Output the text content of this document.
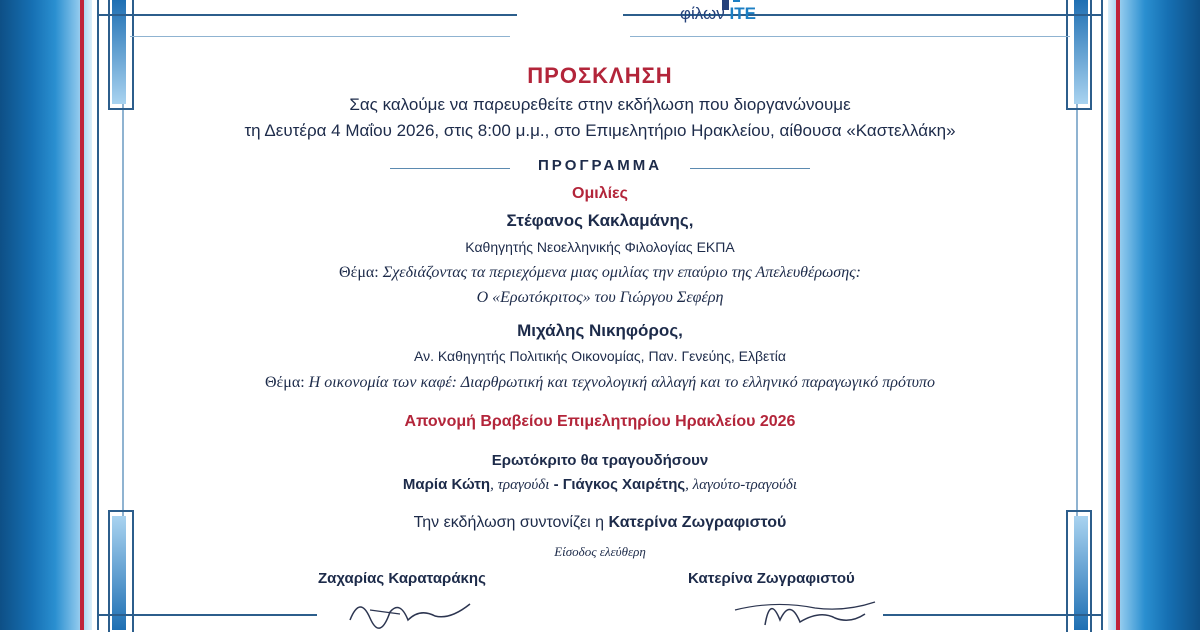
φίλων ΙΤΕ
ΠΡΟΣΚΛΗΣΗ
Σας καλούμε να παρευρεθείτε στην εκδήλωση που διοργανώνουμε
τη Δευτέρα 4 Μαΐου 2026, στις 8:00 μ.μ., στο Επιμελητήριο Ηρακλείου, αίθουσα «Καστελλάκη»
ΠΡΟΓΡΑΜΜΑ
Ομιλίες
Στέφανος Κακλαμάνης,
Καθηγητής Νεοελληνικής Φιλολογίας ΕΚΠΑ
Θέμα: Σχεδιάζοντας τα περιεχόμενα μιας ομιλίας την επαύριο της Απελευθέρωσης:
Ο «Ερωτόκριτος» του Γιώργου Σεφέρη
Μιχάλης Νικηφόρος,
Αν. Καθηγητής Πολιτικής Οικονομίας, Παν. Γενεύης, Ελβετία
Θέμα: Η οικονομία των καφέ: Διαρθρωτική και τεχνολογική αλλαγή και το ελληνικό παραγωγικό πρότυπο
Απονομή Βραβείου Επιμελητηρίου Ηρακλείου 2026
Ερωτόκριτο θα τραγουδήσουν
Μαρία Κώτη, τραγούδι - Γιάγκος Χαιρέτης, λαγούτο-τραγούδι
Την εκδήλωση συντονίζει η Κατερίνα Ζωγραφιστού
Είσοδος ελεύθερη
Ζαχαρίας Καραταράκης	Κατερίνα Ζωγραφιστού
